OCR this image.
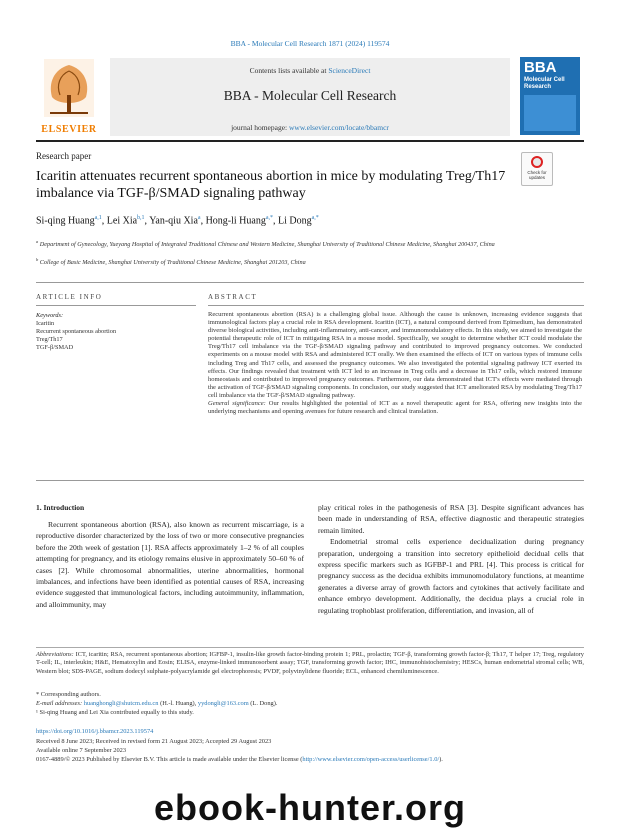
BBA - Molecular Cell Research 1871 (2024) 119574
ELSEVIER
Contents lists available at ScienceDirect
BBA - Molecular Cell Research
journal homepage: www.elsevier.com/locate/bbamcr
BBA
Molecular Cell
Research
Research paper
Icaritin attenuates recurrent spontaneous abortion in mice by modulating Treg/Th17 imbalance via TGF-β/SMAD signaling pathway
Check for
updates
Si-qing Huang$^{a,1}$, Lei Xia$^{b,1}$, Yan-qiu Xia$^a$, Hong-li Huang$^{a,*}$, Li Dong$^{a,*}$
$^a$ Department of Gynecology, Yueyang Hospital of Integrated Traditional Chinese and Western Medicine, Shanghai University of Traditional Chinese Medicine, Shanghai 200437, China
$^b$ College of Basic Medicine, Shanghai University of Traditional Chinese Medicine, Shanghai 201203, China
ARTICLE INFO
Keywords:
Icaritin
Recurrent spontaneous abortion
Treg/Th17
TGF-β/SMAD
ABSTRACT
Recurrent spontaneous abortion (RSA) is a challenging global issue. Although the cause is unknown, increasing evidence suggests that immunological factors play a crucial role in RSA development. Icaritin (ICT), a natural compound derived from Epimedium, has demonstrated diverse biological activities, including anti-inflammatory, anti-cancer, and immunomodulatory effects. In this study, we aimed to investigate the potential therapeutic role of ICT in mitigating RSA in a mouse model. Specifically, we sought to determine whether ICT could modulate the Treg/Th17 cell imbalance via the TGF-β/SMAD signaling pathway and contributed to improved pregnancy outcomes. We conducted experiments on a mouse model with RSA and administered ICT orally. We then examined the effects of ICT on various types of immune cells including Treg and Th17 cells, and assessed the pregnancy outcomes. We also investigated the potential signaling pathway ICT exerted its effects. Our findings revealed that treatment with ICT led to an increase in Treg cells and a decrease in Th17 cells, which restored immune homeostasis and contributed to improved pregnancy outcomes. Furthermore, our data demonstrated that ICT's effects were mediated through the activation of TGF-β/SMAD signaling components. In conclusion, our study suggested that ICT ameliorated RSA by modulating Treg/Th17 cell imbalance via the TGF-β/SMAD signaling pathway.
General significance: Our results highlighted the potential of ICT as a novel therapeutic agent for RSA, offering new insights into the underlying mechanisms and opening avenues for future research and clinical translation.
1. Introduction
Recurrent spontaneous abortion (RSA), also known as recurrent miscarriage, is a reproductive disorder characterized by the loss of two or more consecutive pregnancies before the 20th week of gestation [1]. RSA affects approximately 1–2 % of all couples attempting for pregnancy, and its etiology remains elusive in approximately 50–60 % of cases [2]. While chromosomal abnormalities, uterine abnormalities, hormonal imbalances, and infections have been identified as potential causes of RSA, increasing evidence suggested that immunological factors, including autoimmunity, inflammation, and alloimmunity, may
play critical roles in the pathogenesis of RSA [3]. Despite significant advances has been made in understanding of RSA, effective diagnostic and therapeutic strategies remain limited.
Endometrial stromal cells experience decidualization during pregnancy preparation, undergoing a transition into secretory epithelioid decidual cells that express specific markers such as IGFBP-1 and PRL [4]. This process is critical for pregnancy success as the decidua exhibits immunomodulatory functions, at meantime generates a diverse array of growth factors and cytokines that actively facilitate and enhance embryo development. Additionally, the decidua plays a crucial role in regulating trophoblast proliferation, differentiation, and invasion, all of
Abbreviations: ICT, icaritin; RSA, recurrent spontaneous abortion; IGFBP-1, insulin-like growth factor-binding protein 1; PRL, prolactin; TGF-β, transforming growth factor-β; Th17, T helper 17; Treg, regulatory T-cell; IL, interleukin; H&E, Hematoxylin and Eosin; ELISA, enzyme-linked immunosorbent assay; TGF, transforming growth factor; IHC, immunohistochemistry; HESCs, human endometrial stromal cells; WB, Western blot; SDS-PAGE, sodium dodecyl sulphate-polyacrylamide gel electrophoresis; PVDF, polyvinylidene fluoride; ECL, enhanced chemiluminescence.
* Corresponding authors.
E-mail addresses: huanghongli@shutcm.edu.cn (H.-l. Huang), yydongli@163.com (L. Dong).
¹ Si-qing Huang and Lei Xia contributed equally to this study.
https://doi.org/10.1016/j.bbamcr.2023.119574
Received 8 June 2023; Received in revised form 21 August 2023; Accepted 29 August 2023
Available online 7 September 2023
0167-4889/© 2023 Published by Elsevier B.V. This article is made available under the Elsevier license (http://www.elsevier.com/open-access/userlicense/1.0/).
ebook-hunter.org
